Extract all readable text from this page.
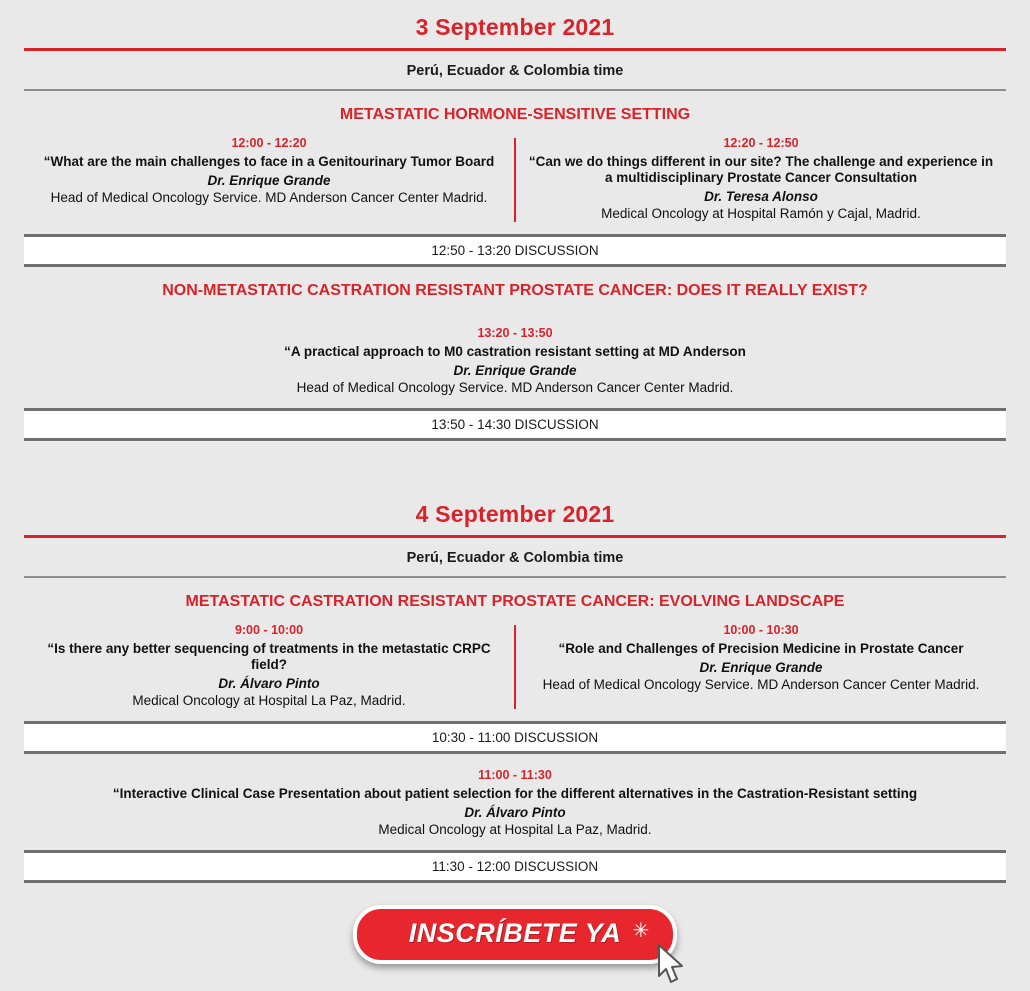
3 September 2021
Perú, Ecuador & Colombia time
METASTATIC HORMONE-SENSITIVE SETTING
12:00 - 12:20
“What are the main challenges to face in a Genitourinary Tumor Board
Dr. Enrique Grande
Head of Medical Oncology Service. MD Anderson Cancer Center Madrid.
12:20 - 12:50
“Can we do things different in our site? The challenge and experience in a multidisciplinary Prostate Cancer Consultation
Dr. Teresa Alonso
Medical Oncology at Hospital Ramón y Cajal, Madrid.
12:50 - 13:20 DISCUSSION
NON-METASTATIC CASTRATION RESISTANT PROSTATE CANCER: DOES IT REALLY EXIST?
13:20 - 13:50
“A practical approach to M0 castration resistant setting at MD Anderson
Dr. Enrique Grande
Head of Medical Oncology Service. MD Anderson Cancer Center Madrid.
13:50 - 14:30 DISCUSSION
4 September 2021
Perú, Ecuador & Colombia time
METASTATIC CASTRATION RESISTANT PROSTATE CANCER: EVOLVING LANDSCAPE
9:00 - 10:00
“Is there any better sequencing of treatments in the metastatic CRPC field?
Dr. Álvaro Pinto
Medical Oncology at Hospital La Paz, Madrid.
10:00 - 10:30
“Role and Challenges of Precision Medicine in Prostate Cancer
Dr. Enrique Grande
Head of Medical Oncology Service. MD Anderson Cancer Center Madrid.
10:30 - 11:00 DISCUSSION
11:00 - 11:30
“Interactive Clinical Case Presentation about patient selection for the different alternatives in the Castration-Resistant setting
Dr. Álvaro Pinto
Medical Oncology at Hospital La Paz, Madrid.
11:30 - 12:00 DISCUSSION
INSCRÍBETE YA ✳
